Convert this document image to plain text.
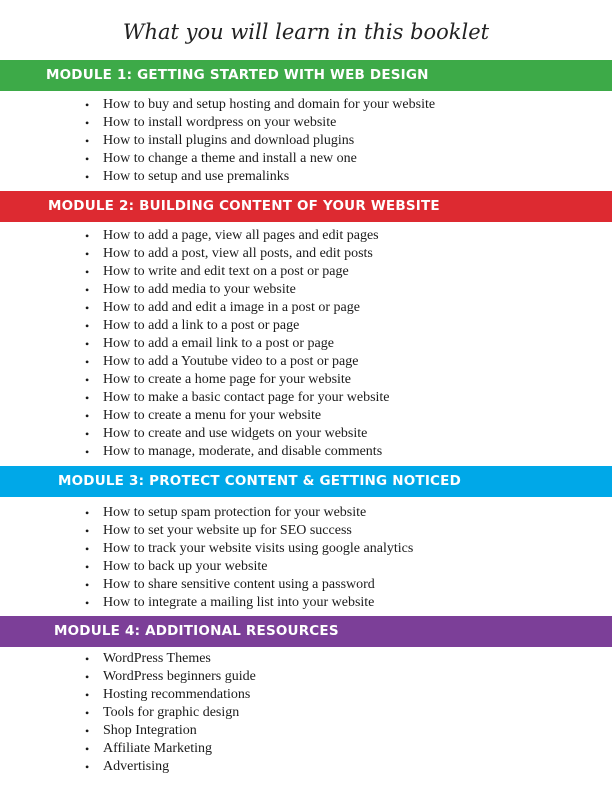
What you will learn in this booklet
MODULE 1: GETTING STARTED WITH WEB DESIGN
• How to buy and setup hosting and domain for your website
• How to install wordpress on your website
• How to install plugins and download plugins
• How to change a theme and install a new one
• How to setup and use premalinks
MODULE 2: BUILDING CONTENT OF YOUR WEBSITE
• How to add a page, view all pages and edit pages
• How to add a post, view all posts, and edit posts
• How to write and edit text on a post or page
• How to add media to your website
• How to add and edit a image in a post or page
• How to add a link to a post or page
• How to add a email link to a post or page
• How to add a Youtube video to a post or page
• How to create a home page for your website
• How to make a basic contact page for your website
• How to create a menu for your website
• How to create and use widgets on your website
• How to manage, moderate, and disable comments
MODULE 3: PROTECT CONTENT & GETTING NOTICED
• How to setup spam protection for your website
• How to set your website up for SEO success
• How to track your website visits using google analytics
• How to back up your website
• How to share sensitive content using a password
• How to integrate a mailing list into your website
MODULE 4: ADDITIONAL RESOURCES
• WordPress Themes
• WordPress beginners guide
• Hosting recommendations
• Tools for graphic design
• Shop Integration
• Affiliate Marketing
• Advertising
